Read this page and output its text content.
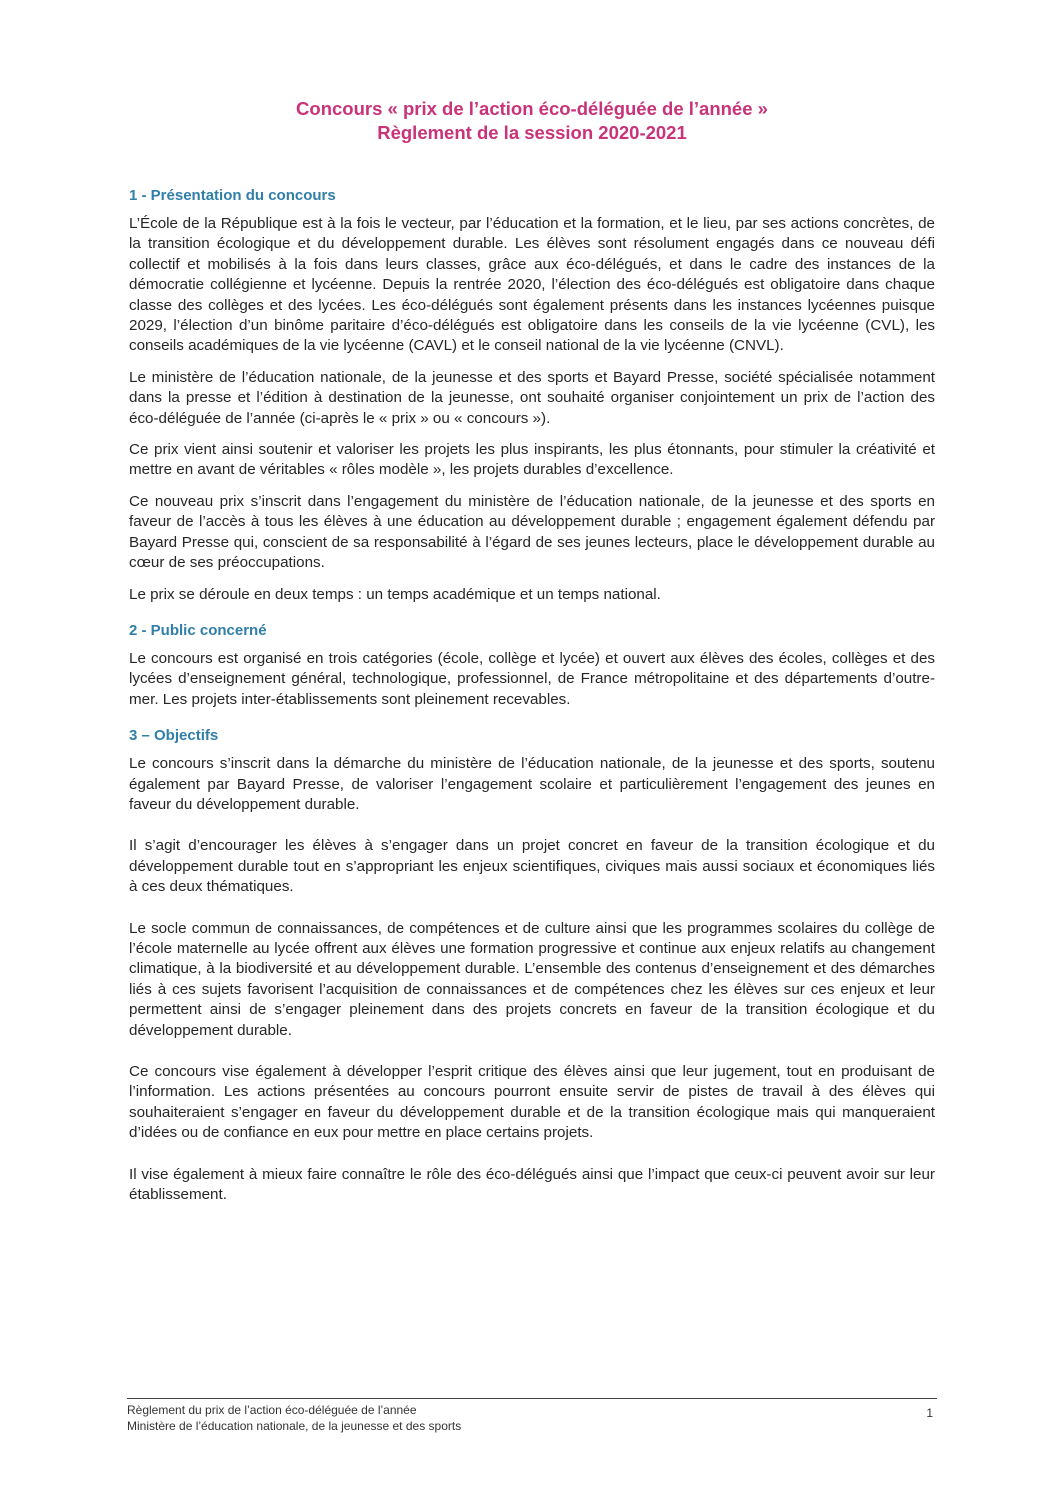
Concours « prix de l’action éco-déléguée de l’année »

Règlement de la session 2020-2021

1 - Présentation du concours

L’École de la République est à la fois le vecteur, par l’éducation et la formation, et le lieu, par ses actions concrètes, de la transition écologique et du développement durable. Les élèves sont résolument engagés dans ce nouveau défi collectif et mobilisés à la fois dans leurs classes, grâce aux éco-délégués, et dans le cadre des instances de la démocratie collégienne et lycéenne. Depuis la rentrée 2020, l’élection des éco-délégués est obligatoire dans chaque classe des collèges et des lycées. Les éco-délégués sont également présents dans les instances lycéennes puisque 2029, l’élection d’un binôme paritaire d’éco-délégués est obligatoire dans les conseils de la vie lycéenne (CVL), les conseils académiques de la vie lycéenne (CAVL) et le conseil national de la vie lycéenne (CNVL).

Le ministère de l’éducation nationale, de la jeunesse et des sports et Bayard Presse, société spécialisée notamment dans la presse et l’édition à destination de la jeunesse, ont souhaité organiser conjointement un prix de l’action des éco-déléguée de l’année (ci-après le « prix » ou « concours »).

Ce prix vient ainsi soutenir et valoriser les projets les plus inspirants, les plus étonnants, pour stimuler la créativité et mettre en avant de véritables « rôles modèle », les projets durables d’excellence.

Ce nouveau prix s’inscrit dans l’engagement du ministère de l’éducation nationale, de la jeunesse et des sports en faveur de l’accès à tous les élèves à une éducation au développement durable ; engagement également défendu par Bayard Presse qui, conscient de sa responsabilité à l’égard de ses jeunes lecteurs, place le développement durable au cœur de ses préoccupations.

Le prix se déroule en deux temps : un temps académique et un temps national.

2 - Public concerné

Le concours est organisé en trois catégories (école, collège et lycée) et ouvert aux élèves des écoles, collèges et des lycées d’enseignement général, technologique, professionnel, de France métropolitaine et des départements d’outre-mer. Les projets inter-établissements sont pleinement recevables.

3 – Objectifs

Le concours s’inscrit dans la démarche du ministère de l’éducation nationale, de la jeunesse et des sports, soutenu également par Bayard Presse, de valoriser l’engagement scolaire et particulièrement l’engagement des jeunes en faveur du développement durable.

Il s’agit d’encourager les élèves à s’engager dans un projet concret en faveur de la transition écologique et du développement durable tout en s’appropriant les enjeux scientifiques, civiques mais aussi sociaux et économiques liés à ces deux thématiques.

Le socle commun de connaissances, de compétences et de culture ainsi que les programmes scolaires du collège de l’école maternelle au lycée offrent aux élèves une formation progressive et continue aux enjeux relatifs au changement climatique, à la biodiversité et au développement durable. L’ensemble des contenus d’enseignement et des démarches liés à ces sujets favorisent l’acquisition de connaissances et de compétences chez les élèves sur ces enjeux et leur permettent ainsi de s’engager pleinement dans des projets concrets en faveur de la transition écologique et du développement durable.

Ce concours vise également à développer l’esprit critique des élèves ainsi que leur jugement, tout en produisant de l’information. Les actions présentées au concours pourront ensuite servir de pistes de travail à des élèves qui souhaiteraient s’engager en faveur du développement durable et de la transition écologique mais qui manqueraient d’idées ou de confiance en eux pour mettre en place certains projets.

Il vise également à mieux faire connaître le rôle des éco-délégués ainsi que l’impact que ceux-ci peuvent avoir sur leur établissement.

Règlement du prix de l’action éco-déléguée de l’année
Ministère de l’éducation nationale, de la jeunesse et des sports
1
